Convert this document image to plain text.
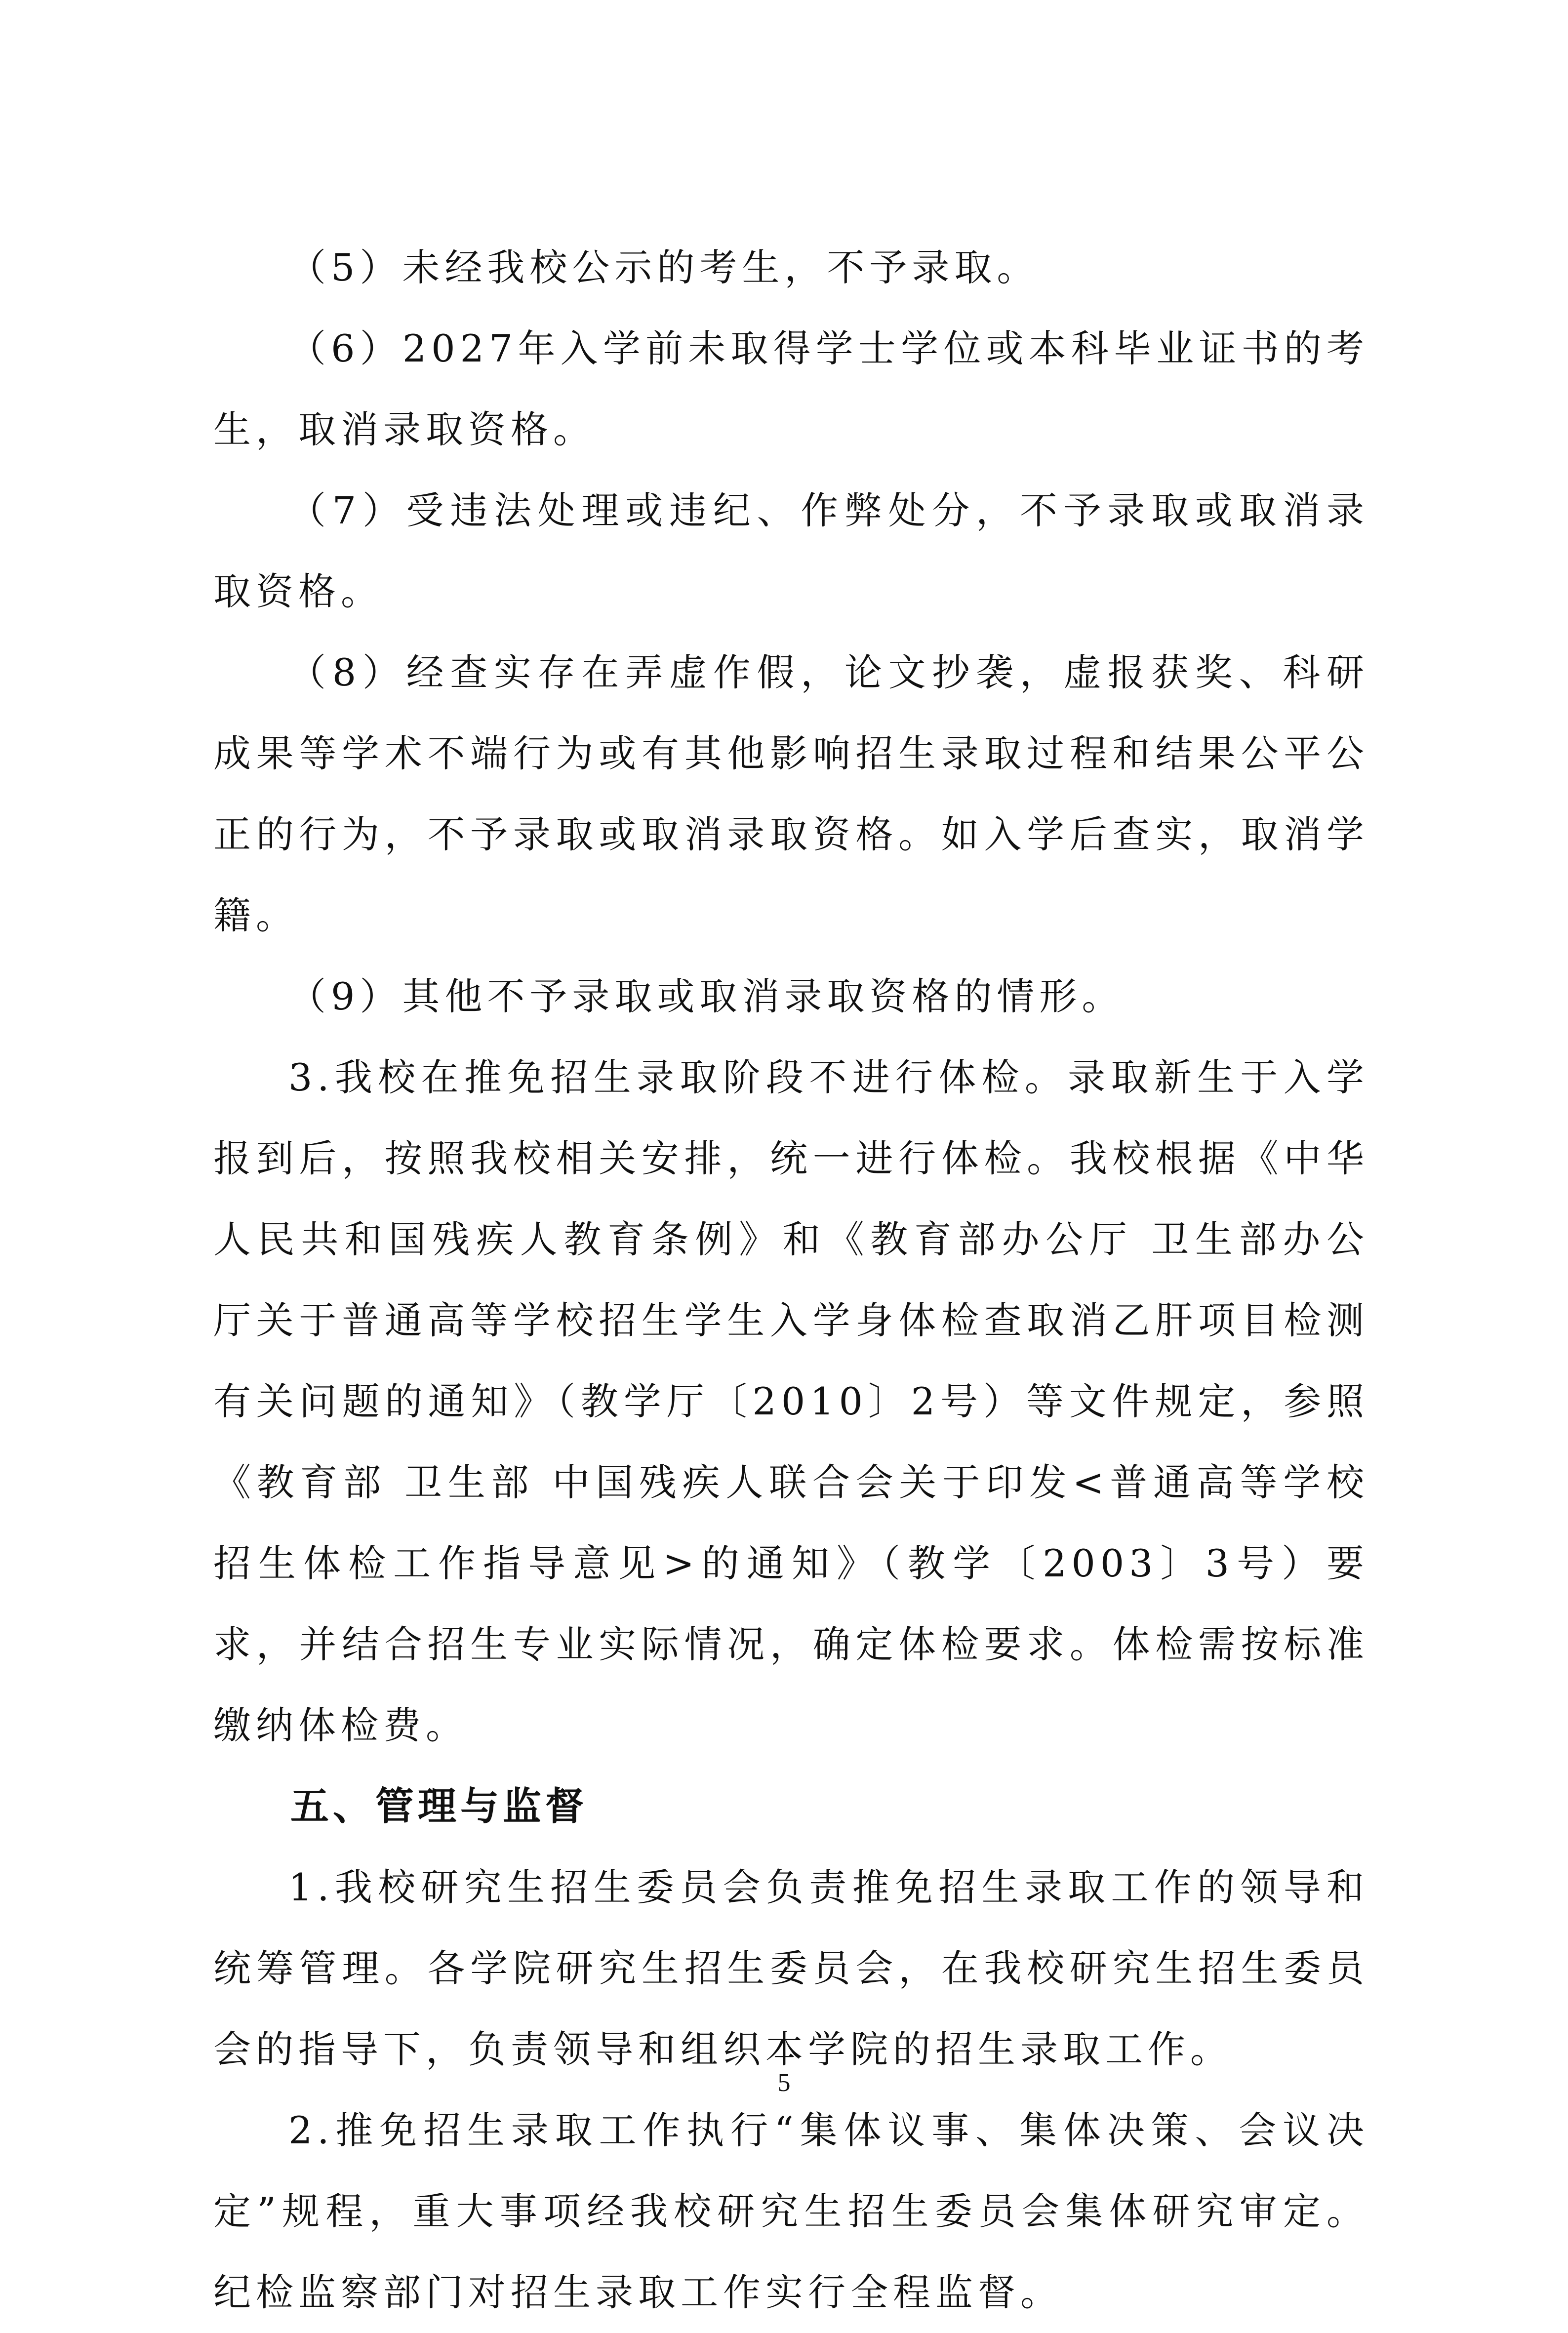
（5）未经我校公示的考生，不予录取。

（6）2027年入学前未取得学士学位或本科毕业证书的考生，取消录取资格。

（7）受违法处理或违纪、作弊处分，不予录取或取消录取资格。

（8）经查实存在弄虚作假，论文抄袭，虚报获奖、科研成果等学术不端行为或有其他影响招生录取过程和结果公平公正的行为，不予录取或取消录取资格。如入学后查实，取消学籍。

（9）其他不予录取或取消录取资格的情形。

3.我校在推免招生录取阶段不进行体检。录取新生于入学报到后，按照我校相关安排，统一进行体检。我校根据《中华人民共和国残疾人教育条例》和《教育部办公厅 卫生部办公厅关于普通高等学校招生学生入学身体检查取消乙肝项目检测有关问题的通知》（教学厅〔2010〕2号）等文件规定，参照《教育部 卫生部 中国残疾人联合会关于印发<普通高等学校招生体检工作指导意见>的通知》（教学〔2003〕3号）要求，并结合招生专业实际情况，确定体检要求。体检需按标准缴纳体检费。

五、管理与监督

1.我校研究生招生委员会负责推免招生录取工作的领导和统筹管理。各学院研究生招生委员会，在我校研究生招生委员会的指导下，负责领导和组织本学院的招生录取工作。

2.推免招生录取工作执行“集体议事、集体决策、会议决定”规程，重大事项经我校研究生招生委员会集体研究审定。纪检监察部门对招生录取工作实行全程监督。

5
